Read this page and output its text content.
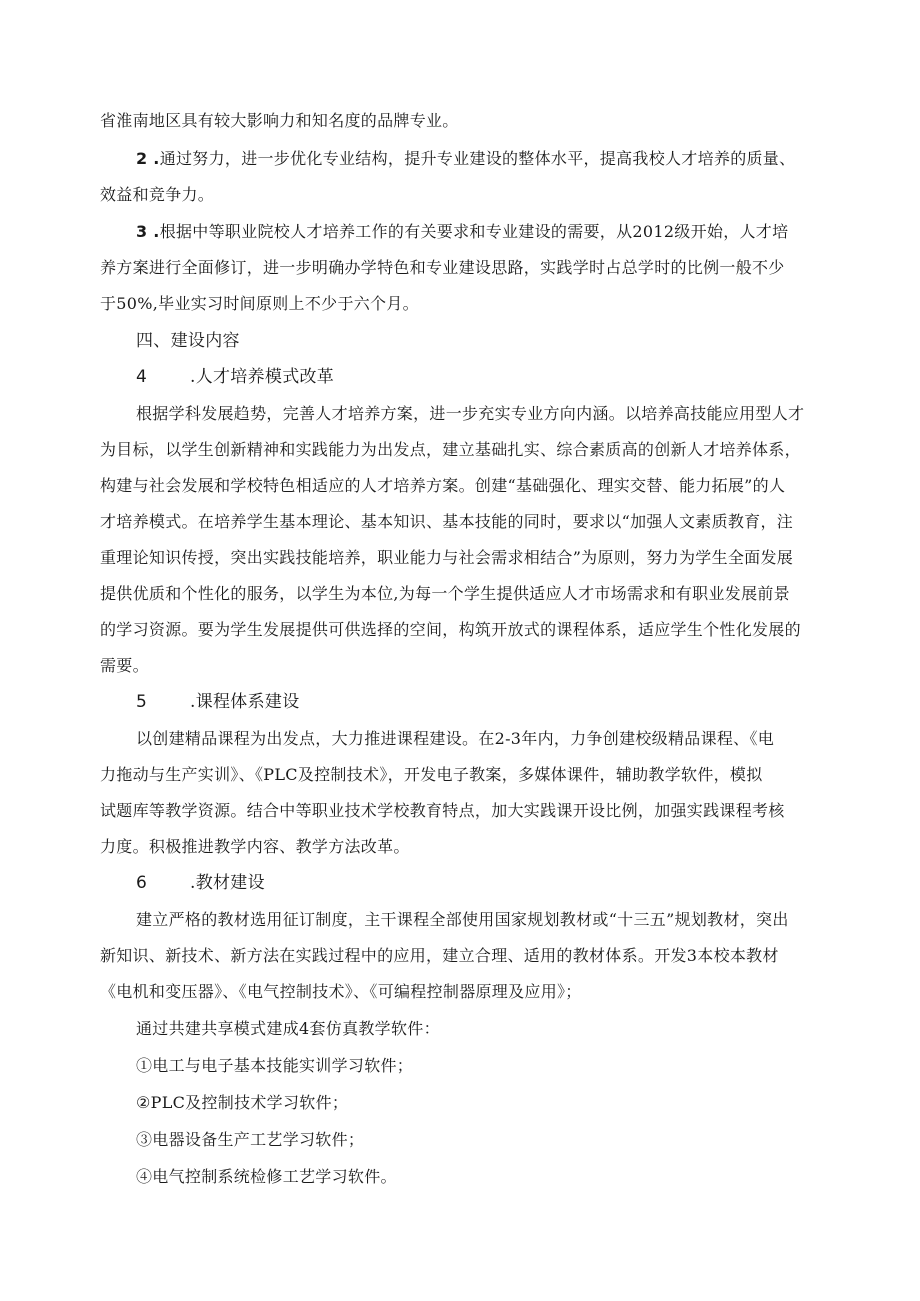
省淮南地区具有较大影响力和知名度的品牌专业。
2 .通过努力，进一步优化专业结构，提升专业建设的整体水平，提高我校人才培养的质量、
效益和竞争力。
3 .根据中等职业院校人才培养工作的有关要求和专业建设的需要，从2012级开始，人才培
养方案进行全面修订，进一步明确办学特色和专业建设思路，实践学时占总学时的比例一般不少
于50%,毕业实习时间原则上不少于六个月。
四、建设内容
4	.人才培养模式改革
根据学科发展趋势，完善人才培养方案，进一步充实专业方向内涵。以培养高技能应用型人才
为目标，以学生创新精神和实践能力为出发点，建立基础扎实、综合素质高的创新人才培养体系，
构建与社会发展和学校特色相适应的人才培养方案。创建“基础强化、理实交替、能力拓展”的人
才培养模式。在培养学生基本理论、基本知识、基本技能的同时，要求以“加强人文素质教育，注
重理论知识传授，突出实践技能培养，职业能力与社会需求相结合”为原则，努力为学生全面发展
提供优质和个性化的服务，以学生为本位,为每一个学生提供适应人才市场需求和有职业发展前景
的学习资源。要为学生发展提供可供选择的空间，构筑开放式的课程体系，适应学生个性化发展的
需要。
5	.课程体系建设
以创建精品课程为出发点，大力推进课程建设。在2-3年内，力争创建校级精品课程、《电
力拖动与生产实训》、《PLC及控制技术》，开发电子教案，多媒体课件，辅助教学软件，模拟
试题库等教学资源。结合中等职业技术学校教育特点，加大实践课开设比例，加强实践课程考核
力度。积极推进教学内容、教学方法改革。
6	.教材建设
建立严格的教材选用征订制度，主干课程全部使用国家规划教材或“十三五”规划教材，突出
新知识、新技术、新方法在实践过程中的应用，建立合理、适用的教材体系。开发3本校本教材
《电机和变压器》、《电气控制技术》、《可编程控制器原理及应用》；
通过共建共享模式建成4套仿真教学软件：
①电工与电子基本技能实训学习软件；
②PLC及控制技术学习软件；
③电器设备生产工艺学习软件；
④电气控制系统检修工艺学习软件。
